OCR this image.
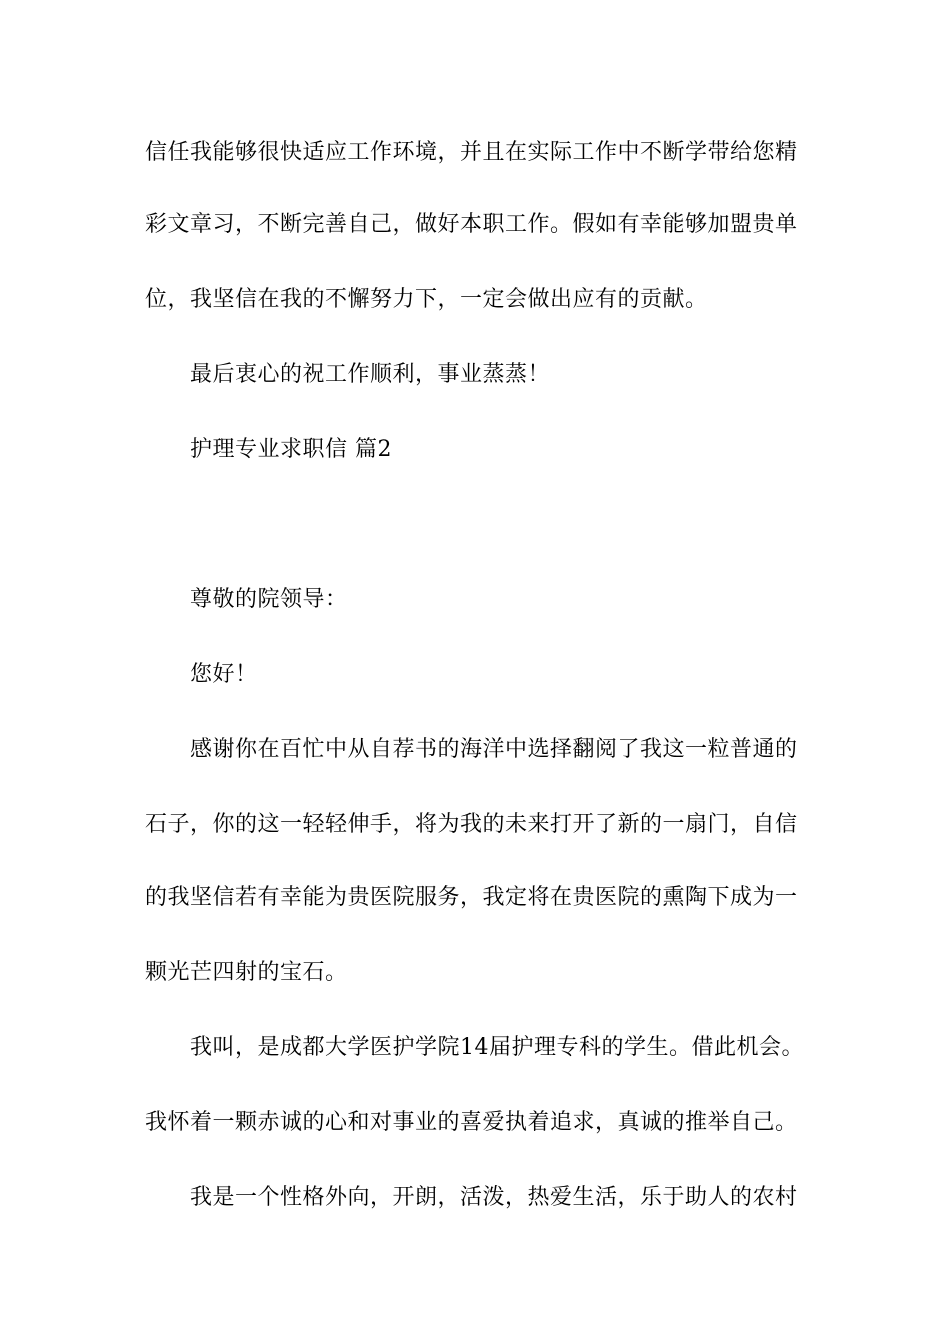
信任我能够很快适应工作环境，并且在实际工作中不断学带给您精
彩文章习，不断完善自己，做好本职工作。假如有幸能够加盟贵单
位，我坚信在我的不懈努力下，一定会做出应有的贡献。
最后衷心的祝工作顺利，事业蒸蒸！
护理专业求职信 篇2
尊敬的院领导：
您好！
感谢你在百忙中从自荐书的海洋中选择翻阅了我这一粒普通的
石子，你的这一轻轻伸手，将为我的未来打开了新的一扇门，自信
的我坚信若有幸能为贵医院服务，我定将在贵医院的熏陶下成为一
颗光芒四射的宝石。
我叫，是成都大学医护学院14届护理专科的学生。借此机会。
我怀着一颗赤诚的心和对事业的喜爱执着追求，真诚的推举自己。
我是一个性格外向，开朗，活泼，热爱生活，乐于助人的农村
